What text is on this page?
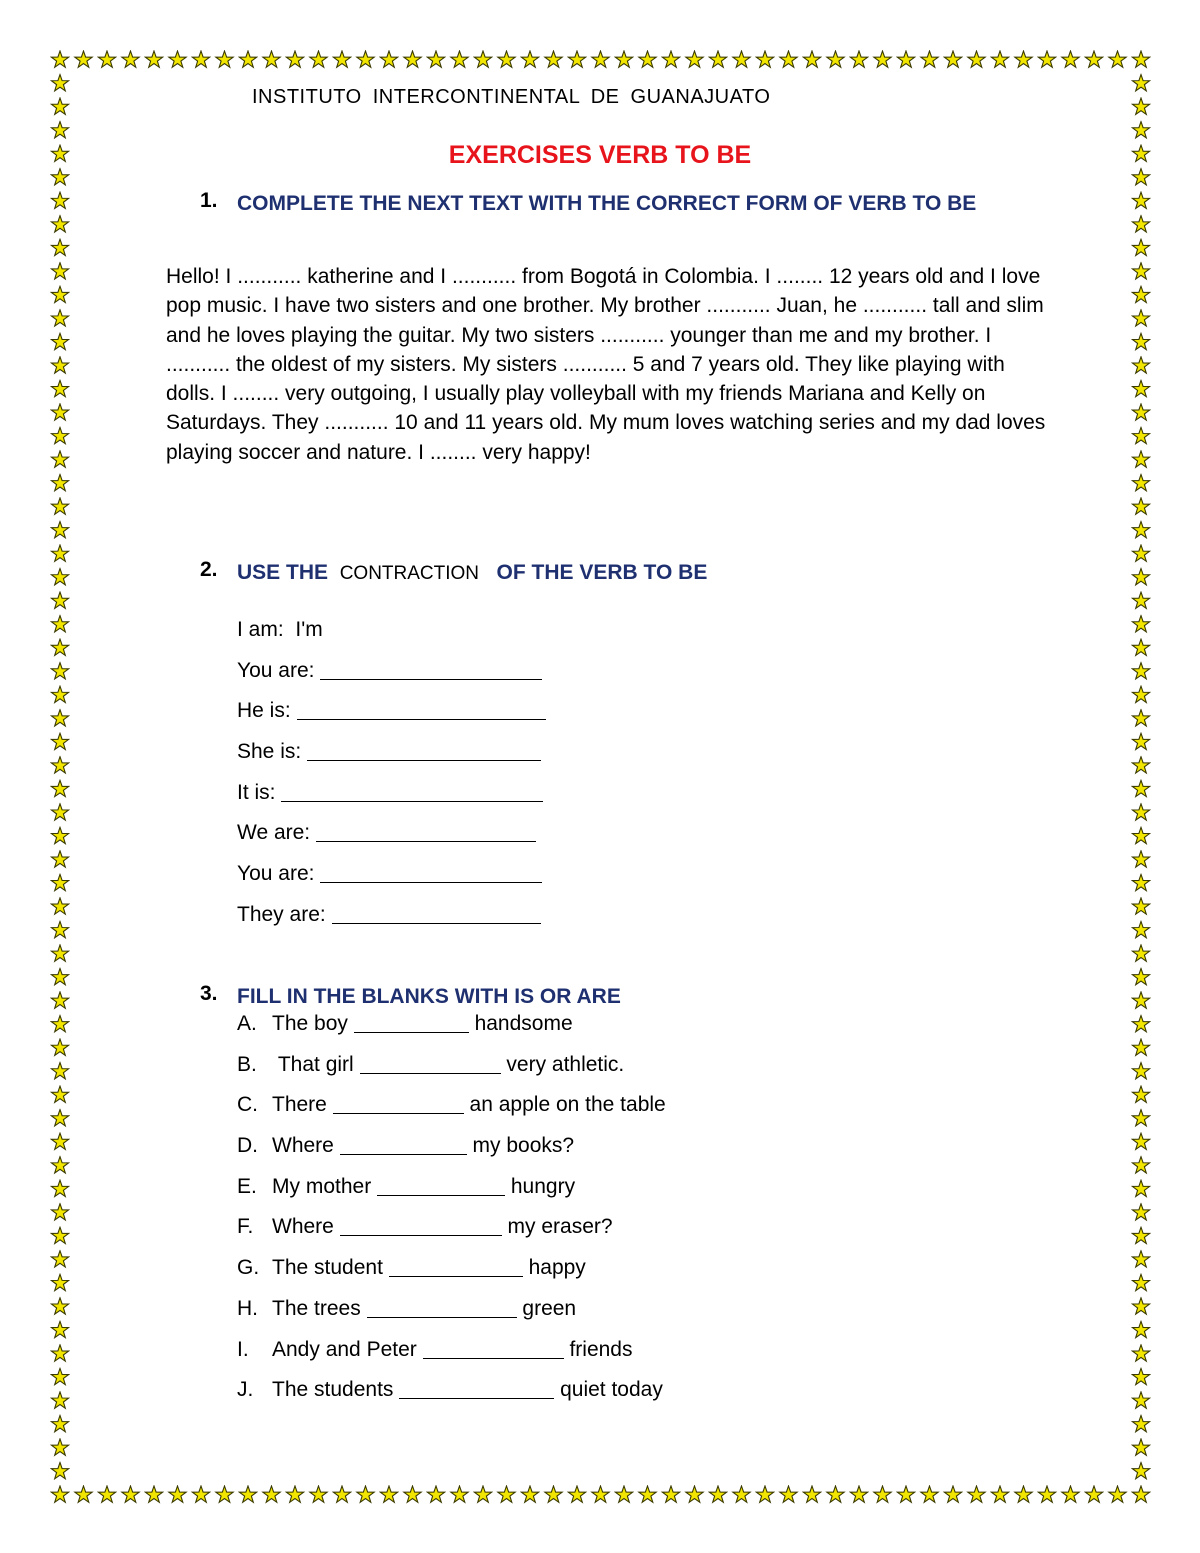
INSTITUTO INTERCONTINENTAL DE GUANAJUATO
EXERCISES VERB TO BE
1. COMPLETE THE NEXT TEXT WITH THE CORRECT FORM OF VERB TO BE
Hello! I ........... katherine and I ........... from Bogotá in Colombia. I ........ 12 years old and I love pop music. I have two sisters and one brother. My brother ........... Juan, he ........... tall and slim and he loves playing the guitar. My two sisters ........... younger than me and my brother. I ........... the oldest of my sisters. My sisters ........... 5 and 7 years old. They like playing with dolls. I ........ very outgoing, I usually play volleyball with my friends Mariana and Kelly on Saturdays. They ........... 10 and 11 years old. My mum loves watching series and my dad loves playing soccer and nature. I ........ very happy!
2. USE THE CONTRACTION OF THE VERB TO BE
I am: I'm
You are:
He is:
She is:
It is:
We are:
You are:
They are:
3. FILL IN THE BLANKS WITH IS OR ARE
A. The boy	handsome
B. That girl	very athletic.
C. There	an apple on the table
D. Where	my books?
E. My mother	hungry
F. Where	my eraser?
G. The student	happy
H. The trees	green
I. Andy and Peter	friends
J. The students	quiet today
